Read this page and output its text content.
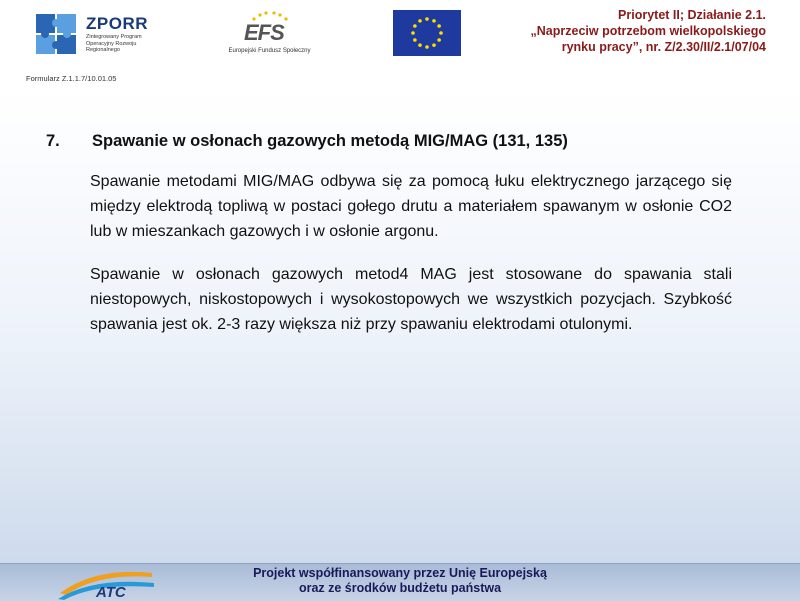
ZPORR
Zintegrowany Program Operacyjny Rozwoju Regionalnego
EFS
Europejski Fundusz Społeczny
Priorytet II; Działanie 2.1.
„Naprzeciw potrzebom wielkopolskiego
rynku pracy”, nr. Z/2.30/II/2.1/07/04
Formularz Z.1.1.7/10.01.05
7.	Spawanie w osłonach gazowych metodą MIG/MAG (131, 135)

Spawanie metodami MIG/MAG odbywa się za pomocą łuku elektrycznego jarzącego się między elektrodą topliwą w postaci gołego drutu a materiałem spawanym w osłonie CO2 lub w mieszankach gazowych i w osłonie argonu.

Spawanie w osłonach gazowych metod4 MAG jest stosowane do spawania stali niestopowych, niskostopowych i wysokostopowych we wszystkich pozycjach. Szybkość spawania jest ok. 2-3 razy większa niż przy spawaniu elektrodami otulonymi.

ATC
Projekt współfinansowany przez Unię Europejską
oraz ze środków budżetu państwa
